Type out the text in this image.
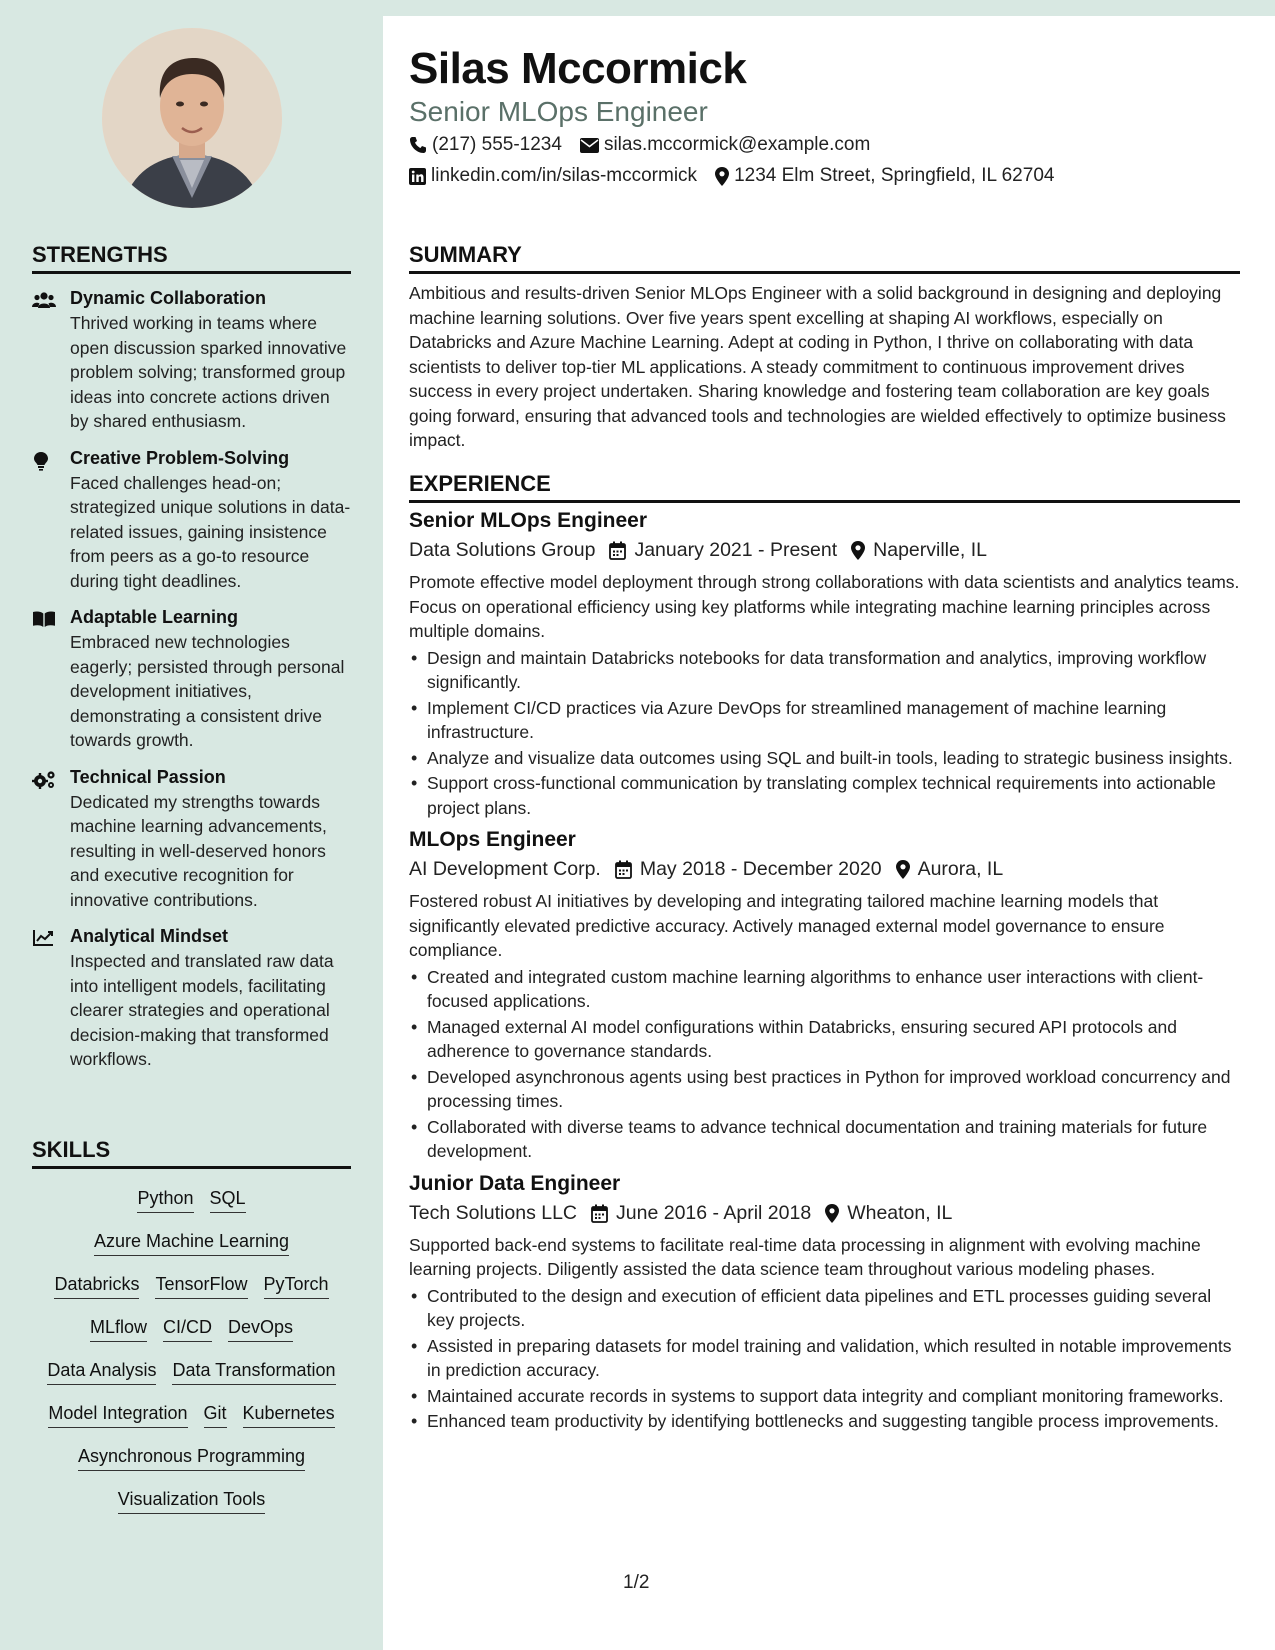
STRENGTHS
Dynamic Collaboration
Thrived working in teams where open discussion sparked innovative problem solving; transformed group ideas into concrete actions driven by shared enthusiasm.
Creative Problem-Solving
Faced challenges head-on; strategized unique solutions in data-related issues, gaining insistence from peers as a go-to resource during tight deadlines.
Adaptable Learning
Embraced new technologies eagerly; persisted through personal development initiatives, demonstrating a consistent drive towards growth.
Technical Passion
Dedicated my strengths towards machine learning advancements, resulting in well-deserved honors and executive recognition for innovative contributions.
Analytical Mindset
Inspected and translated raw data into intelligent models, facilitating clearer strategies and operational decision-making that transformed workflows.
SKILLS
Python SQL
Azure Machine Learning
Databricks TensorFlow PyTorch
MLflow CI/CD DevOps
Data Analysis Data Transformation
Model Integration Git Kubernetes
Asynchronous Programming
Visualization Tools
Silas Mccormick
Senior MLOps Engineer
(217) 555-1234 silas.mccormick@example.com
linkedin.com/in/silas-mccormick 1234 Elm Street, Springfield, IL 62704
SUMMARY
Ambitious and results-driven Senior MLOps Engineer with a solid background in designing and deploying machine learning solutions. Over five years spent excelling at shaping AI workflows, especially on Databricks and Azure Machine Learning. Adept at coding in Python, I thrive on collaborating with data scientists to deliver top-tier ML applications. A steady commitment to continuous improvement drives success in every project undertaken. Sharing knowledge and fostering team collaboration are key goals going forward, ensuring that advanced tools and technologies are wielded effectively to optimize business impact.
EXPERIENCE
Senior MLOps Engineer
Data Solutions Group January 2021 - Present Naperville, IL
Promote effective model deployment through strong collaborations with data scientists and analytics teams. Focus on operational efficiency using key platforms while integrating machine learning principles across multiple domains.
• Design and maintain Databricks notebooks for data transformation and analytics, improving workflow significantly.
• Implement CI/CD practices via Azure DevOps for streamlined management of machine learning infrastructure.
• Analyze and visualize data outcomes using SQL and built-in tools, leading to strategic business insights.
• Support cross-functional communication by translating complex technical requirements into actionable project plans.
MLOps Engineer
AI Development Corp. May 2018 - December 2020 Aurora, IL
Fostered robust AI initiatives by developing and integrating tailored machine learning models that significantly elevated predictive accuracy. Actively managed external model governance to ensure compliance.
• Created and integrated custom machine learning algorithms to enhance user interactions with client-focused applications.
• Managed external AI model configurations within Databricks, ensuring secured API protocols and adherence to governance standards.
• Developed asynchronous agents using best practices in Python for improved workload concurrency and processing times.
• Collaborated with diverse teams to advance technical documentation and training materials for future development.
Junior Data Engineer
Tech Solutions LLC June 2016 - April 2018 Wheaton, IL
Supported back-end systems to facilitate real-time data processing in alignment with evolving machine learning projects. Diligently assisted the data science team throughout various modeling phases.
• Contributed to the design and execution of efficient data pipelines and ETL processes guiding several key projects.
• Assisted in preparing datasets for model training and validation, which resulted in notable improvements in prediction accuracy.
• Maintained accurate records in systems to support data integrity and compliant monitoring frameworks.
• Enhanced team productivity by identifying bottlenecks and suggesting tangible process improvements.
1/2
